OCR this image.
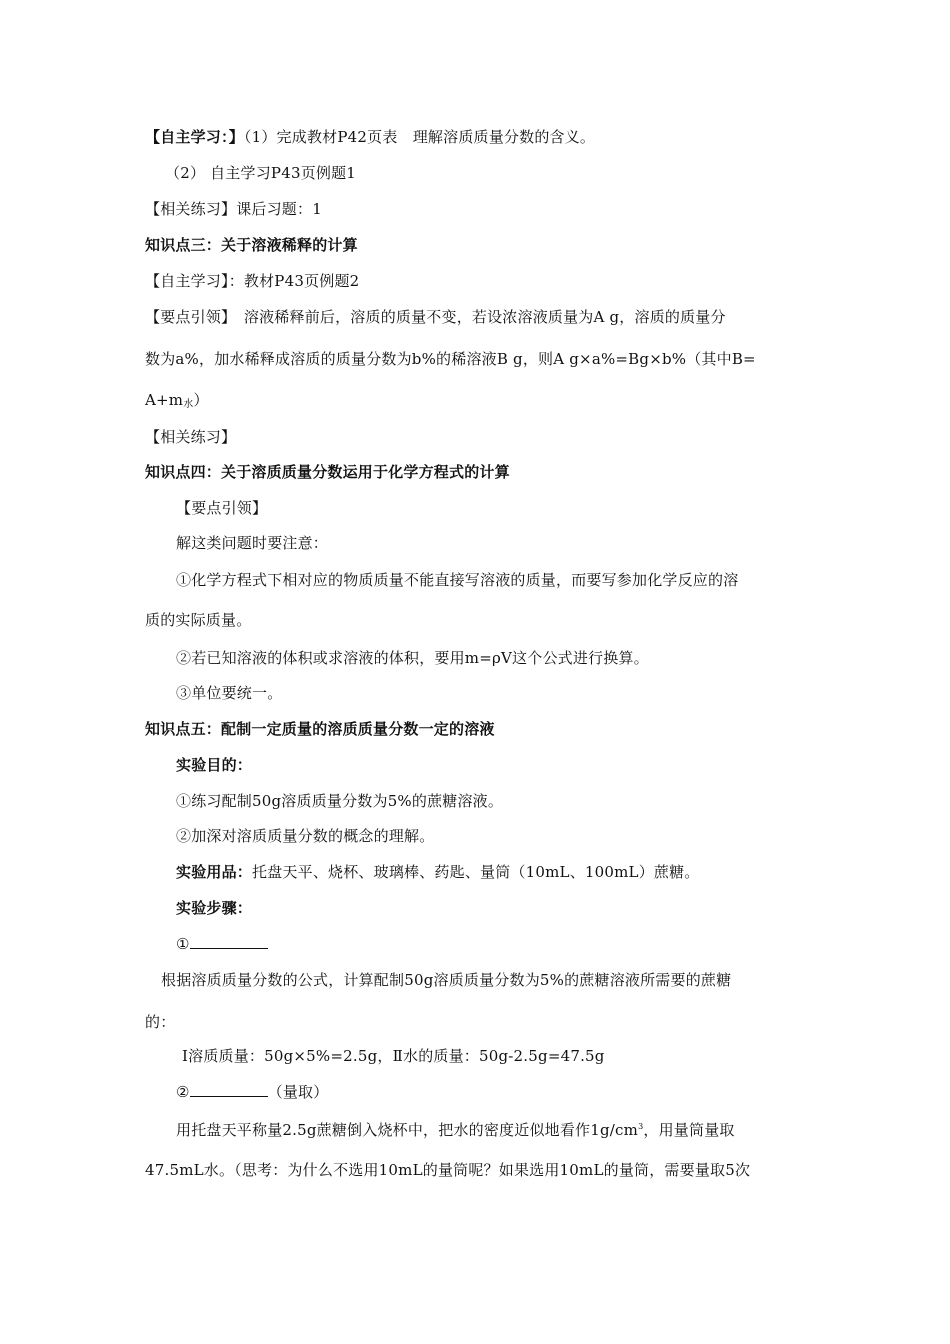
【自主学习：】（1）完成教材P42页表　理解溶质质量分数的含义。
（2） 自主学习P43页例题1
【相关练习】课后习题：1
知识点三：关于溶液稀释的计算
【自主学习】：教材P43页例题2
【要点引领】　溶液稀释前后，溶质的质量不变，若设浓溶液质量为A g，溶质的质量分
数为a%，加水稀释成溶质的质量分数为b%的稀溶液B g，则A g×a%=Bg×b%（其中B=
$A+m_水$）
【相关练习】
知识点四：关于溶质质量分数运用于化学方程式的计算
【要点引领】
解这类问题时要注意：
①化学方程式下相对应的物质质量不能直接写溶液的质量，而要写参加化学反应的溶
质的实际质量。
②若已知溶液的体积或求溶液的体积，要用m=ρV这个公式进行换算。
③单位要统一。
知识点五：配制一定质量的溶质质量分数一定的溶液
实验目的：
①练习配制50g溶质质量分数为5%的蔗糖溶液。
②加深对溶质质量分数的概念的理解。
实验用品：托盘天平、烧杯、玻璃棒、药匙、量筒（10mL、100mL）蔗糖。
实验步骤：
①
根据溶质质量分数的公式，计算配制50g溶质质量分数为5%的蔗糖溶液所需要的蔗糖
的：
Ⅰ溶质质量：50g×5%=2.5g，Ⅱ水的质量：50g-2.5g=47.5g
②	（量取）
用托盘天平称量2.5g蔗糖倒入烧杯中，把水的密度近似地看作$1g/cm^3$，用量筒量取
47.5mL水。（思考：为什么不选用10mL的量筒呢？如果选用10mL的量筒，需要量取5次
